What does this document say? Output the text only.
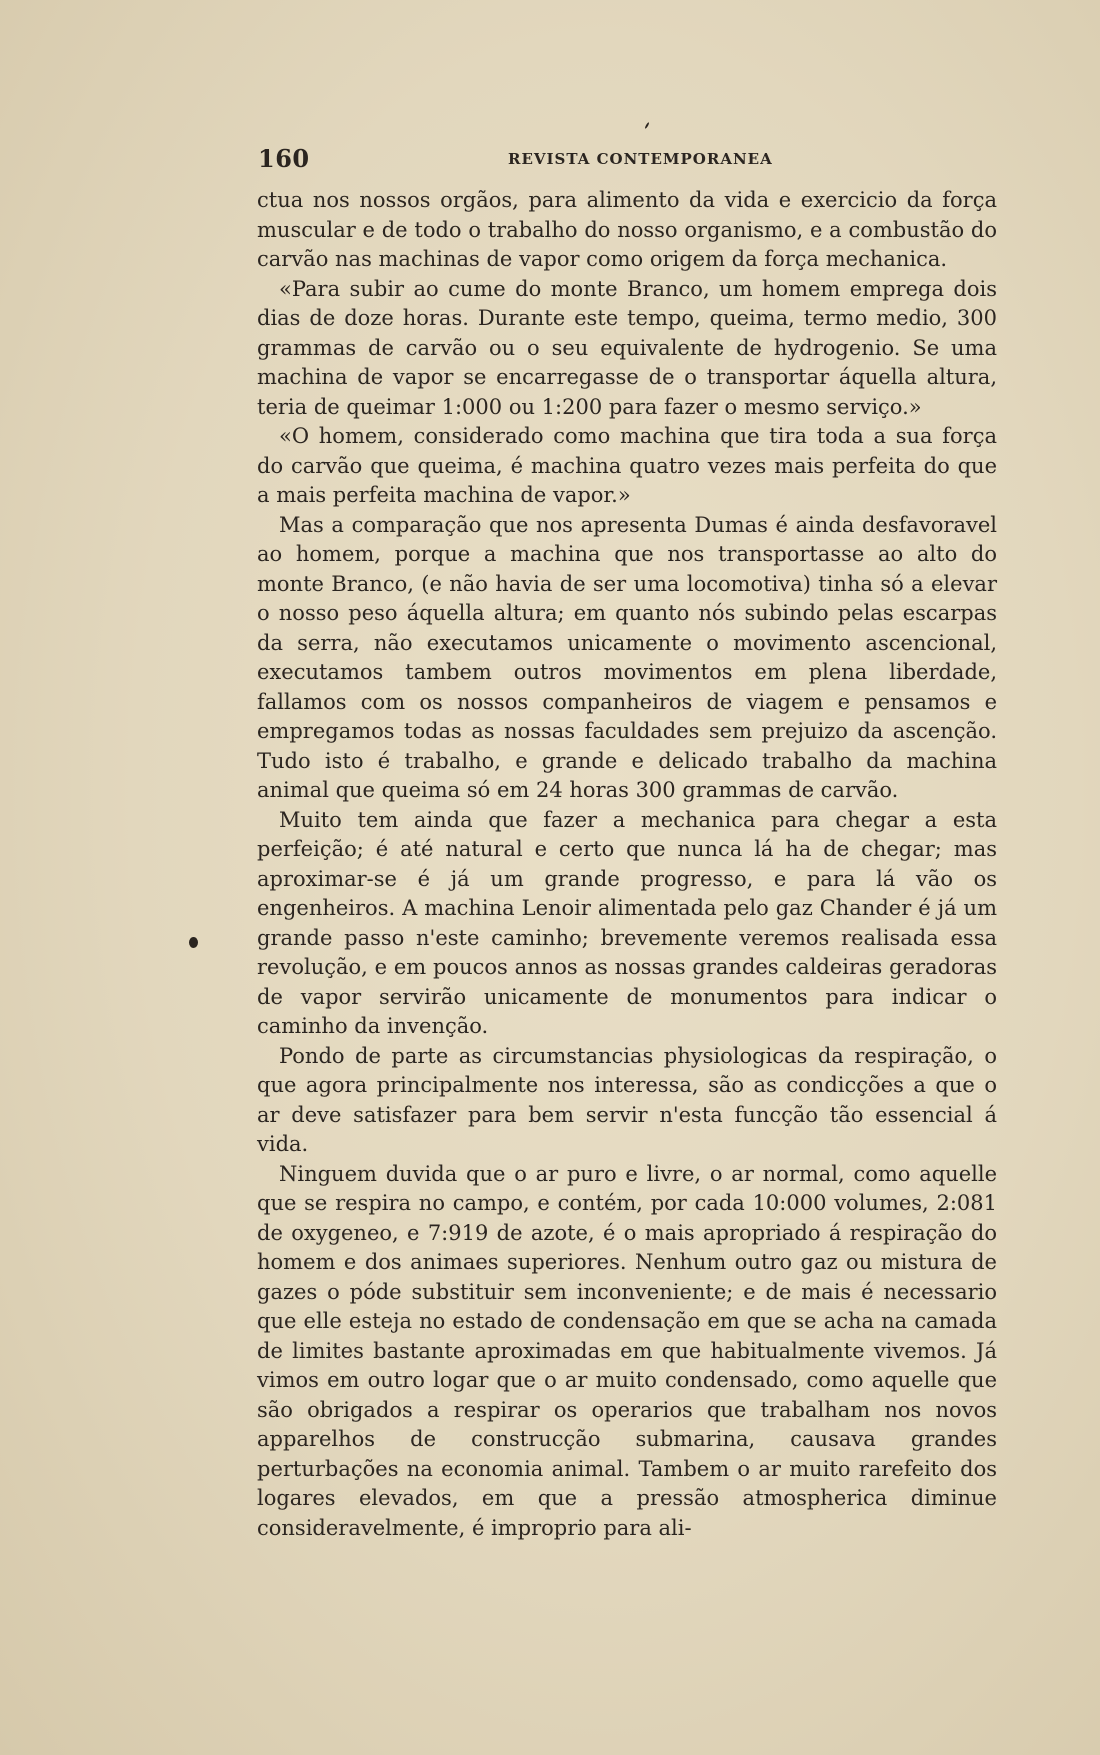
160	REVISTA CONTEMPORANEA

ctua nos nossos orgãos, para alimento da vida e exercicio da força muscular e de todo o trabalho do nosso organismo, e a combustão do carvão nas machinas de vapor como origem da força mechanica.

«Para subir ao cume do monte Branco, um homem emprega dois dias de doze horas. Durante este tempo, queima, termo medio, 300 grammas de carvão ou o seu equivalente de hydrogenio. Se uma machina de vapor se encarregasse de o transportar áquella altura, teria de queimar 1:000 ou 1:200 para fazer o mesmo serviço.»

«O homem, considerado como machina que tira toda a sua força do carvão que queima, é machina quatro vezes mais perfeita do que a mais perfeita machina de vapor.»

Mas a comparação que nos apresenta Dumas é ainda desfavoravel ao homem, porque a machina que nos transportasse ao alto do monte Branco, (e não havia de ser uma locomotiva) tinha só a elevar o nosso peso áquella altura; em quanto nós subindo pelas escarpas da serra, não executamos unicamente o movimento ascencional, executamos tambem outros movimentos em plena liberdade, fallamos com os nossos companheiros de viagem e pensamos e empregamos todas as nossas faculdades sem prejuizo da ascenção. Tudo isto é trabalho, e grande e delicado trabalho da machina animal que queima só em 24 horas 300 grammas de carvão.

Muito tem ainda que fazer a mechanica para chegar a esta perfeição; é até natural e certo que nunca lá ha de chegar; mas aproximar-se é já um grande progresso, e para lá vão os engenheiros. A machina Lenoir alimentada pelo gaz Chander é já um grande passo n'este caminho; brevemente veremos realisada essa revolução, e em poucos annos as nossas grandes caldeiras geradoras de vapor servirão unicamente de monumentos para indicar o caminho da invenção.

Pondo de parte as circumstancias physiologicas da respiração, o que agora principalmente nos interessa, são as condicções a que o ar deve satisfazer para bem servir n'esta funcção tão essencial á vida.

Ninguem duvida que o ar puro e livre, o ar normal, como aquelle que se respira no campo, e contém, por cada 10:000 volumes, 2:081 de oxygeneo, e 7:919 de azote, é o mais apropriado á respiração do homem e dos animaes superiores. Nenhum outro gaz ou mistura de gazes o póde substituir sem inconveniente; e de mais é necessario que elle esteja no estado de condensação em que se acha na camada de limites bastante aproximadas em que habitualmente vivemos. Já vimos em outro logar que o ar muito condensado, como aquelle que são obrigados a respirar os operarios que trabalham nos novos apparelhos de construcção submarina, causava grandes perturbações na economia animal. Tambem o ar muito rarefeito dos logares elevados, em que a pressão atmospherica diminue consideravelmente, é improprio para ali-
